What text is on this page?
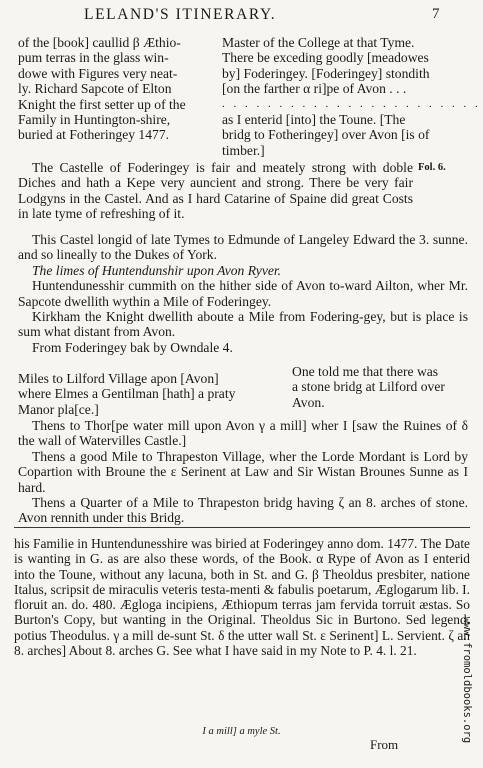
LELAND'S ITINERARY.	7

of the [book] caullid β Æthio-

pum terras in the glass win-

dowe with Figures very neat-

ly. Richard Sapcote of Elton

Knight the first setter up of the

Family in Huntington-shire,

buried at Fotheringey 1477.

Master of the College at that Tyme.

There be exceding goodly [meadowes

by] Foderingey. [Foderingey] stondith

[on the farther α ri]pe of Avon . . .

. . . . . . . . . . . . . . . . . . . . . . .

as I enterid [into] the Toune. [The

bridg to Fotheringey] over Avon [is of

timber.]

Fol. 6.

The Castelle of Foderingey is fair and meately strong with doble Diches and hath a Kepe very auncient and strong. There be very fair Lodgyns in the Castel. And as I hard Catarine of Spaine did great Costs in late tyme of refreshing of it.

This Castel longid of late Tymes to Edmunde of Langeley Edward the 3. sunne. and so lineally to the Dukes of York.

The limes of Huntendunshir upon Avon Ryver.

Huntendunesshir cummith on the hither side of Avon to-ward Ailton, wher Mr. Sapcote dwellith wythin a Mile of Foderingey.

Kirkham the Knight dwellith aboute a Mile from Fodering-gey, but is place is sum what distant from Avon.

From Foderingey bak by Owndale 4.

Miles to Lilford Village apon [Avon]

where Elmes a Gentilman [hath] a praty

Manor pla[ce.]

One told me that there was

a stone bridg at Lilford over

Avon.

Thens to Thor[pe water mill upon Avon γ a mill] wher I [saw the Ruines of δ the wall of Watervilles Castle.]

Thens a good Mile to Thrapeston Village, wher the Lorde Mordant is Lord by Copartion with Broune the ε Serinent at Law and Sir Wistan Brounes Sunne as I hard.

Thens a Quarter of a Mile to Thrapeston bridg having ζ an 8. arches of stone. Avon rennith under this Bridg.

his Familie in Huntendunesshire was biried at Foderingey anno dom. 1477. The Date is wanting in G. as are also these words, of the Book. α Rype of Avon as I enterid into the Toune, without any lacuna, both in St. and G. β Theoldus presbiter, natione Italus, scripsit de miraculis veteris testa-menti & fabulis poetarum, Æglogarum lib. I. floruit an. do. 480. Ægloga incipiens, Æthiopum terras jam fervida torruit æstas. So Burton's Copy, but wanting in the Original. Theoldus Sic in Burtono. Sed legend. potius Theodulus. γ a mill de-sunt St. δ the utter wall St. ε Serinent] L. Servient. ζ an 8. arches] About 8. arches G. See what I have said in my Note to P. 4. l. 21.

I a mill] a myle St.
From
www.fromoldbooks.org
